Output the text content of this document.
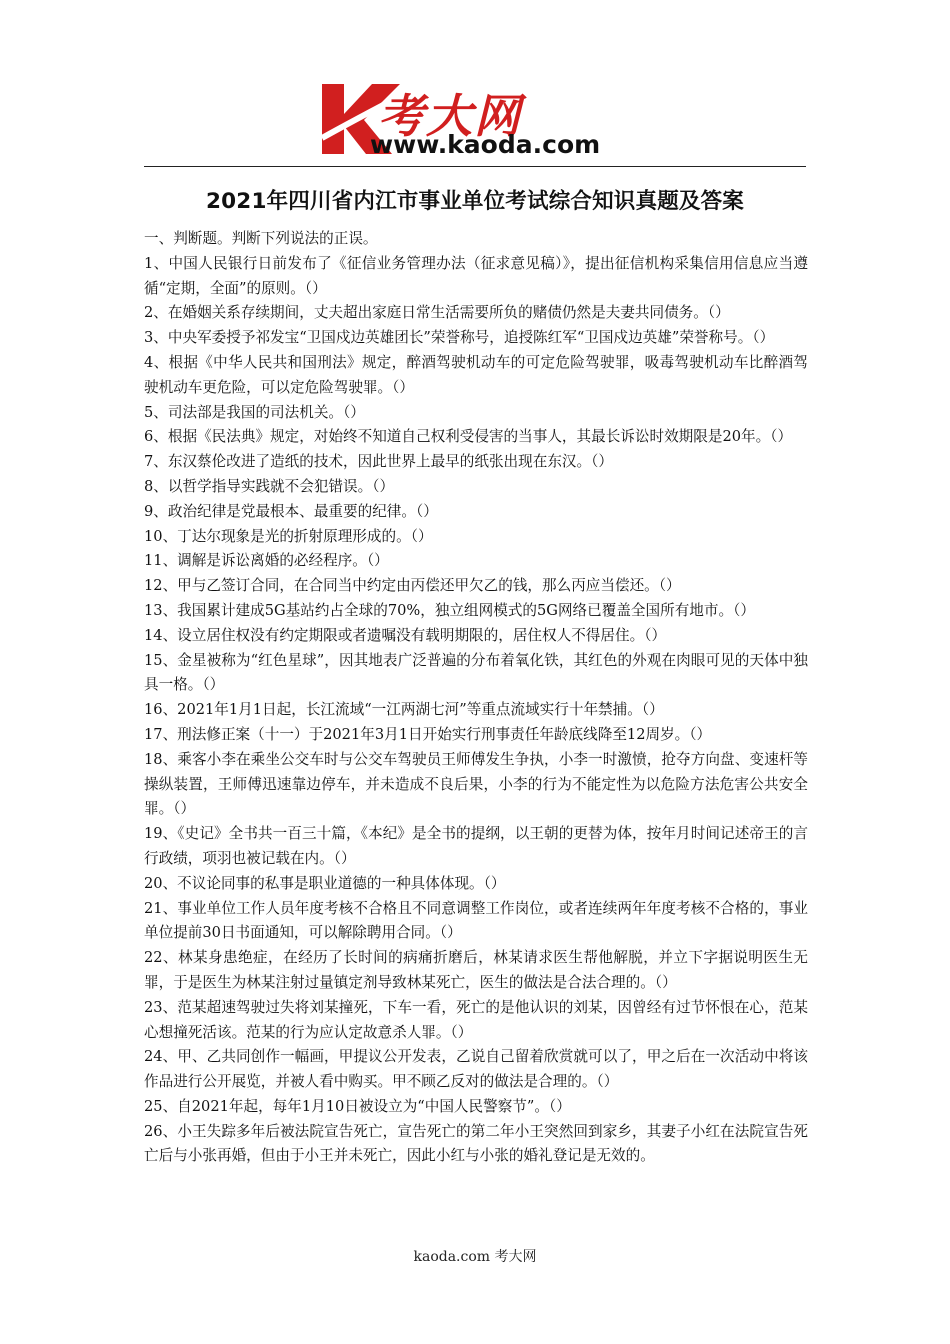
考大网
www.kaoda.com
2021年四川省内江市事业单位考试综合知识真题及答案

一、判断题。判断下列说法的正误。

1、中国人民银行日前发布了《征信业务管理办法（征求意见稿）》，提出征信机构采集信用信息应当遵循“定期，全面”的原则。（）

2、在婚姻关系存续期间，丈夫超出家庭日常生活需要所负的赌债仍然是夫妻共同债务。（）

3、中央军委授予祁发宝“卫国戍边英雄团长”荣誉称号，追授陈红军“卫国戍边英雄”荣誉称号。（）

4、根据《中华人民共和国刑法》规定，醉酒驾驶机动车的可定危险驾驶罪，吸毒驾驶机动车比醉酒驾驶机动车更危险，可以定危险驾驶罪。（）

5、司法部是我国的司法机关。（）

6、根据《民法典》规定，对始终不知道自己权利受侵害的当事人，其最长诉讼时效期限是20年。（）

7、东汉蔡伦改进了造纸的技术，因此世界上最早的纸张出现在东汉。（）

8、以哲学指导实践就不会犯错误。（）

9、政治纪律是党最根本、最重要的纪律。（）

10、丁达尔现象是光的折射原理形成的。（）

11、调解是诉讼离婚的必经程序。（）

12、甲与乙签订合同，在合同当中约定由丙偿还甲欠乙的钱，那么丙应当偿还。（）

13、我国累计建成5G基站约占全球的70%，独立组网模式的5G网络已覆盖全国所有地市。（）

14、设立居住权没有约定期限或者遗嘱没有载明期限的，居住权人不得居住。（）

15、金星被称为“红色星球”，因其地表广泛普遍的分布着氧化铁，其红色的外观在肉眼可见的天体中独具一格。（）

16、2021年1月1日起，长江流域“一江两湖七河”等重点流域实行十年禁捕。（）

17、刑法修正案（十一）于2021年3月1日开始实行刑事责任年龄底线降至12周岁。（）

18、乘客小李在乘坐公交车时与公交车驾驶员王师傅发生争执，小李一时激愤，抢夺方向盘、变速杆等操纵装置，王师傅迅速靠边停车，并未造成不良后果，小李的行为不能定性为以危险方法危害公共安全罪。（）

19、《史记》全书共一百三十篇，《本纪》是全书的提纲，以王朝的更替为体，按年月时间记述帝王的言行政绩，项羽也被记载在内。（）

20、不议论同事的私事是职业道德的一种具体体现。（）

21、事业单位工作人员年度考核不合格且不同意调整工作岗位，或者连续两年年度考核不合格的，事业单位提前30日书面通知，可以解除聘用合同。（）

22、林某身患绝症，在经历了长时间的病痛折磨后，林某请求医生帮他解脱，并立下字据说明医生无罪，于是医生为林某注射过量镇定剂导致林某死亡，医生的做法是合法合理的。（）

23、范某超速驾驶过失将刘某撞死，下车一看，死亡的是他认识的刘某，因曾经有过节怀恨在心，范某心想撞死活该。范某的行为应认定故意杀人罪。（）

24、甲、乙共同创作一幅画，甲提议公开发表，乙说自己留着欣赏就可以了，甲之后在一次活动中将该作品进行公开展览，并被人看中购买。甲不顾乙反对的做法是合理的。（）

25、自2021年起，每年1月10日被设立为“中国人民警察节”。（）

26、小王失踪多年后被法院宣告死亡，宣告死亡的第二年小王突然回到家乡，其妻子小红在法院宣告死亡后与小张再婚，但由于小王并未死亡，因此小红与小张的婚礼登记是无效的。

kaoda.com 考大网
